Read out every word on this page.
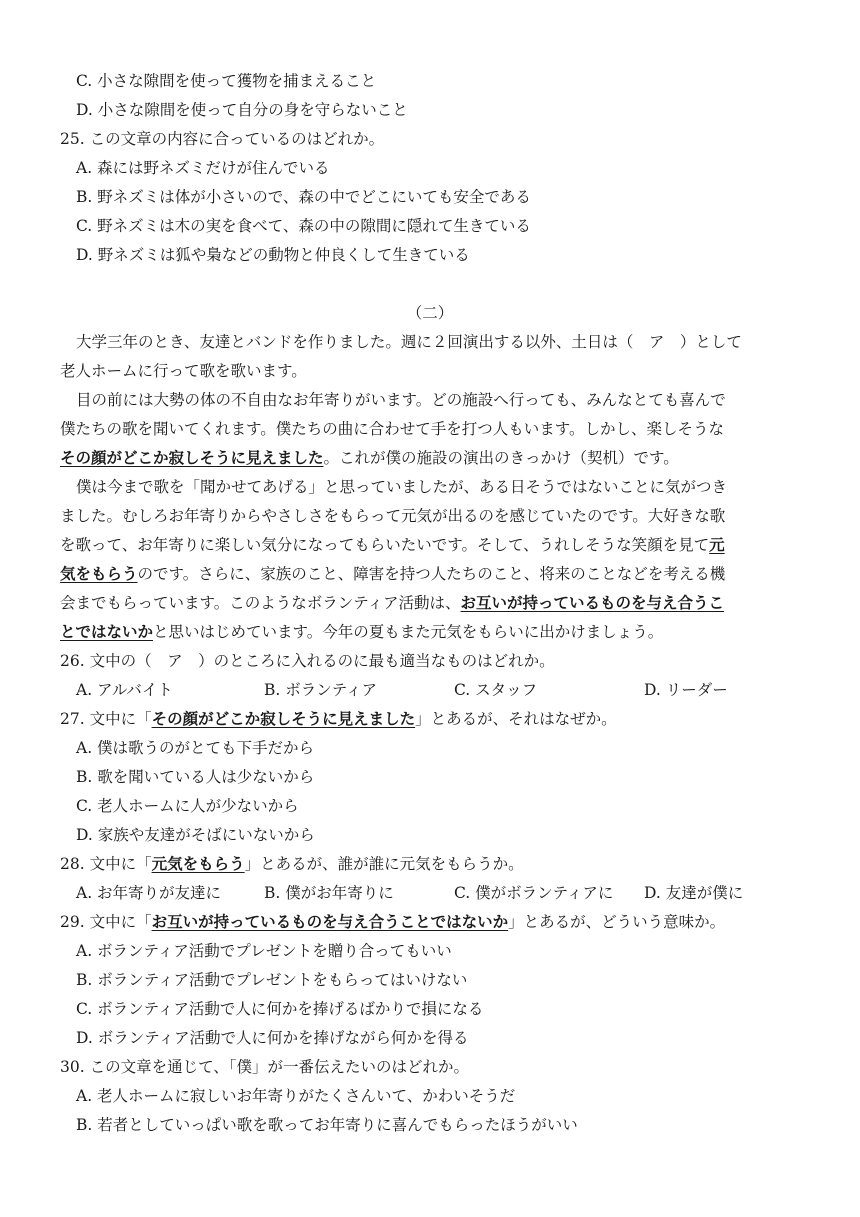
C. 小さな隙間を使って獲物を捕まえること
D. 小さな隙間を使って自分の身を守らないこと
25. この文章の内容に合っているのはどれか。
A. 森には野ネズミだけが住んでいる
B. 野ネズミは体が小さいので、森の中でどこにいても安全である
C. 野ネズミは木の実を食べて、森の中の隙間に隠れて生きている
D. 野ネズミは狐や梟などの動物と仲良くして生きている
（二）
大学三年のとき、友達とバンドを作りました。週に２回演出する以外、土日は（　ア　）として
老人ホームに行って歌を歌います。
目の前には大勢の体の不自由なお年寄りがいます。どの施設へ行っても、みんなとても喜んで
僕たちの歌を聞いてくれます。僕たちの曲に合わせて手を打つ人もいます。しかし、楽しそうな
その顔がどこか寂しそうに見えました。これが僕の施設の演出のきっかけ（契机）です。
僕は今まで歌を「聞かせてあげる」と思っていましたが、ある日そうではないことに気がつき
ました。むしろお年寄りからやさしさをもらって元気が出るのを感じていたのです。大好きな歌
を歌って、お年寄りに楽しい気分になってもらいたいです。そして、うれしそうな笑顔を見て元
気をもらうのです。さらに、家族のこと、障害を持つ人たちのこと、将来のことなどを考える機
会までもらっています。このようなボランティア活動は、お互いが持っているものを与え合うこ
とではないかと思いはじめています。今年の夏もまた元気をもらいに出かけましょう。
26. 文中の（　ア　）のところに入れるのに最も適当なものはどれか。
A. アルバイト	B. ボランティア	C. スタッフ	D. リーダー
27. 文中に「その顔がどこか寂しそうに見えました」とあるが、それはなぜか。
A. 僕は歌うのがとても下手だから
B. 歌を聞いている人は少ないから
C. 老人ホームに人が少ないから
D. 家族や友達がそばにいないから
28. 文中に「元気をもらう」とあるが、誰が誰に元気をもらうか。
A. お年寄りが友達に	B. 僕がお年寄りに	C. 僕がボランティアに D. 友達が僕に
29. 文中に「お互いが持っているものを与え合うことではないか」とあるが、どういう意味か。
A. ボランティア活動でプレゼントを贈り合ってもいい
B. ボランティア活動でプレゼントをもらってはいけない
C. ボランティア活動で人に何かを捧げるばかりで損になる
D. ボランティア活動で人に何かを捧げながら何かを得る
30. この文章を通じて、「僕」が一番伝えたいのはどれか。
A. 老人ホームに寂しいお年寄りがたくさんいて、かわいそうだ
B. 若者としていっぱい歌を歌ってお年寄りに喜んでもらったほうがいい
